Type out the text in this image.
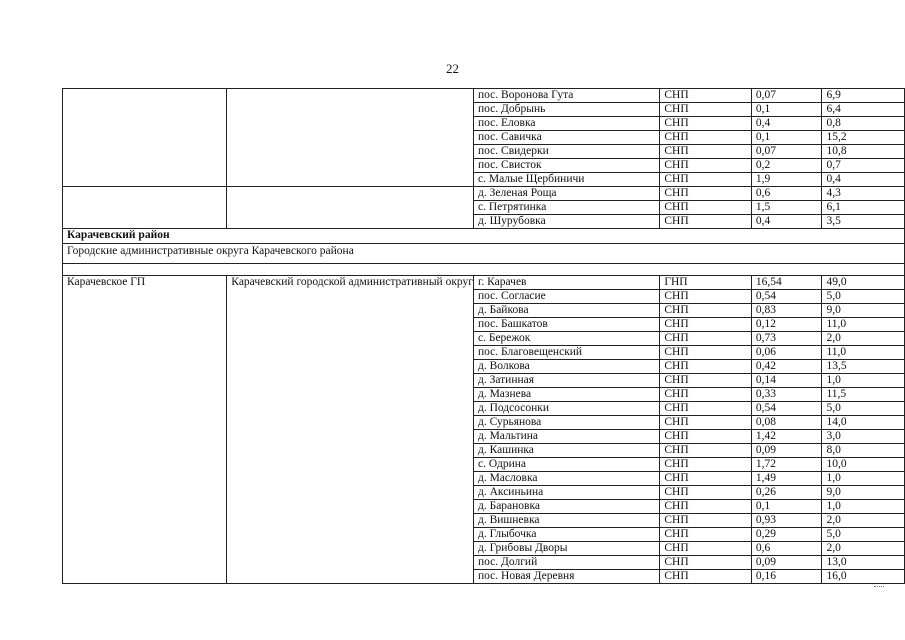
22
		пос. Воронова Гута	СНП	0,07	6,9
		пос. Добрынь	СНП	0,1	6,4
		пос. Еловка	СНП	0,4	0,8
		пос. Савичка	СНП	0,1	15,2
		пос. Свидерки	СНП	0,07	10,8
		пос. Свисток	СНП	0,2	0,7
		с. Малые Щербиничи	СНП	1,9	0,4
		д. Зеленая Роща	СНП	0,6	4,3
		с. Петрятинка	СНП	1,5	6,1
		д. Шурубовка	СНП	0,4	3,5
Карачевский район					
Городские административные округа Карачевского района					

Карачевское ГП	Карачевский городской административный округ	г. Карачев	ГНП	16,54	49,0
		пос. Согласие	СНП	0,54	5,0
		д. Байкова	СНП	0,83	9,0
		пос. Башкатов	СНП	0,12	11,0
		с. Бережок	СНП	0,73	2,0
		пос. Благовещенский	СНП	0,06	11,0
		д. Волкова	СНП	0,42	13,5
		д. Затинная	СНП	0,14	1,0
		д. Мазнева	СНП	0,33	11,5
		д. Подсосонки	СНП	0,54	5,0
		д. Сурьянова	СНП	0,08	14,0
		д. Мальтина	СНП	1,42	3,0
		д. Кашинка	СНП	0,09	8,0
		с. Одрина	СНП	1,72	10,0
		д. Масловка	СНП	1,49	1,0
		д. Аксиньина	СНП	0,26	9,0
		д. Барановка	СНП	0,1	1,0
		д. Вишневка	СНП	0,93	2,0
		д. Глыбочка	СНП	0,29	5,0
		д. Грибовы Дворы	СНП	0,6	2,0
		пос. Долгий	СНП	0,09	13,0
		пос. Новая Деревня	СНП	0,16	16,0
